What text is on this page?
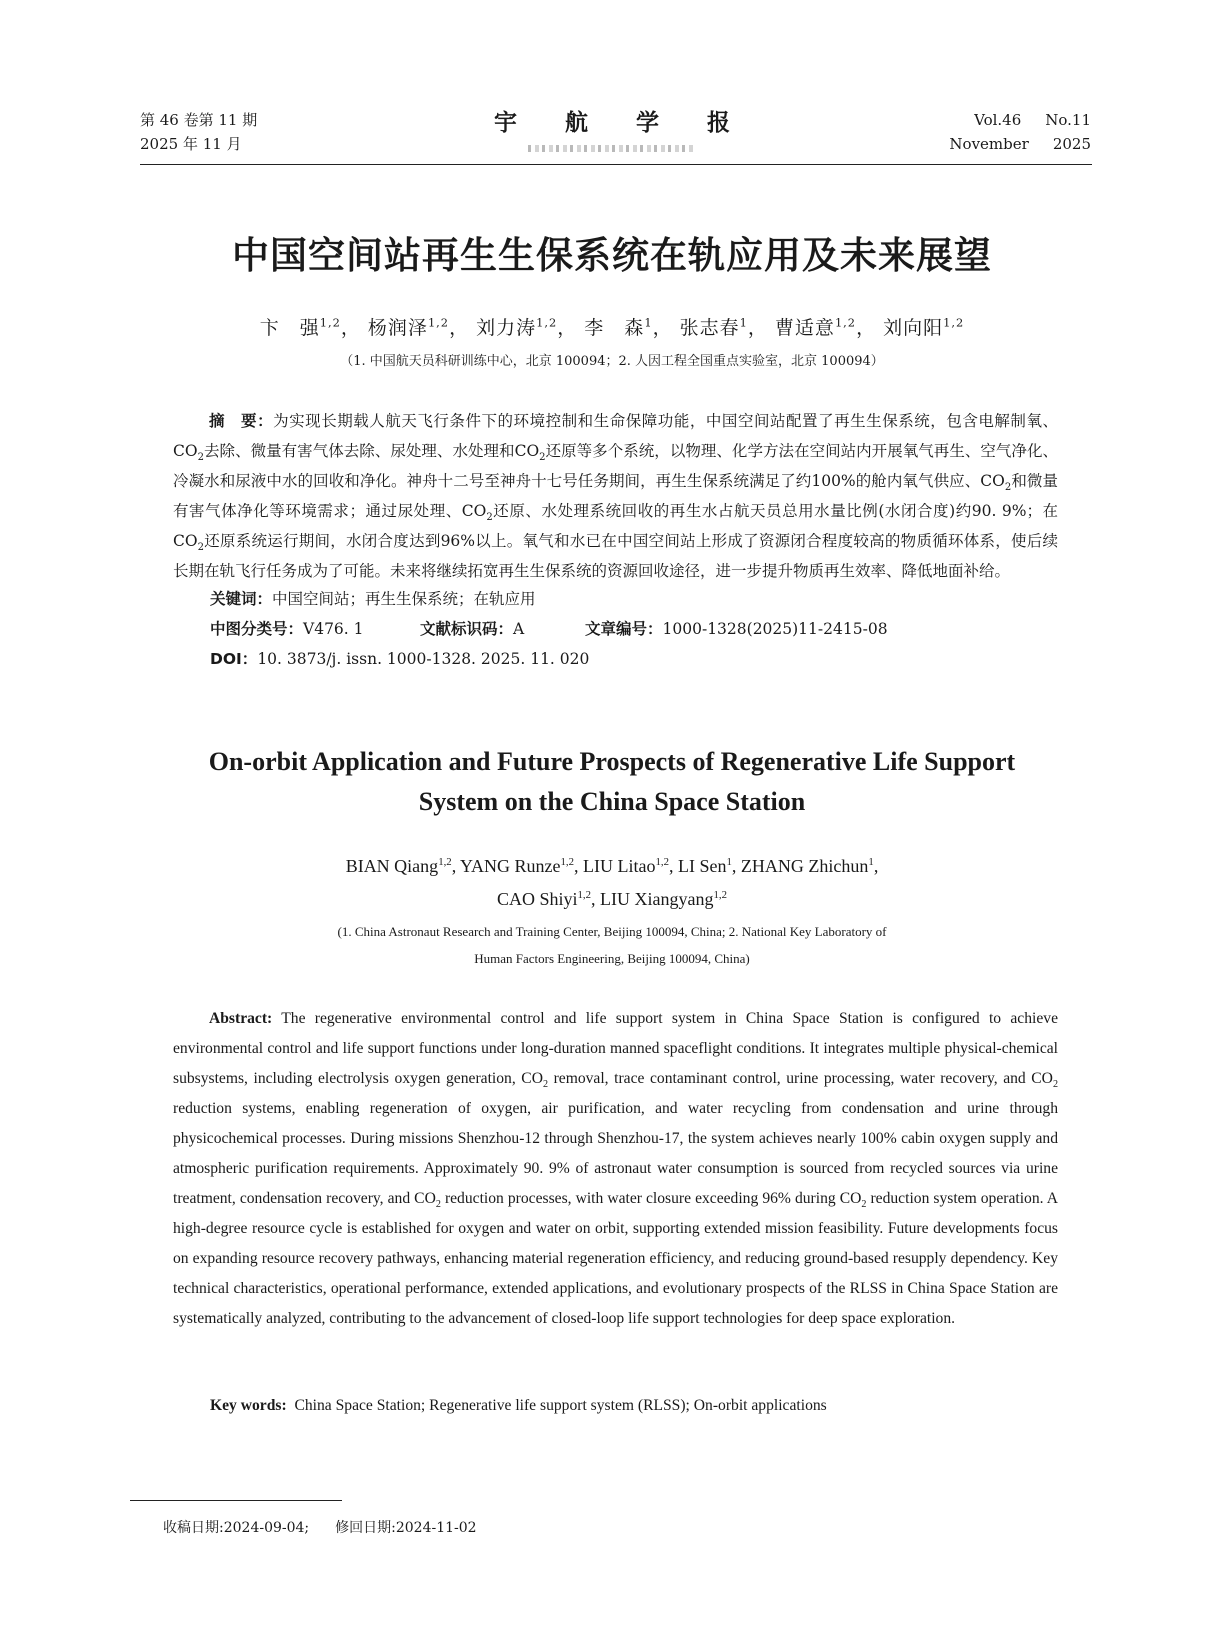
第 46 卷第 11 期
2025 年 11 月
宇 航 学 报	Vol.46 No.11
November 2025
中国空间站再生生保系统在轨应用及未来展望
卞　强$^{1,2}$， 杨润泽$^{1,2}$， 刘力涛$^{1,2}$， 李　森$^1$， 张志春$^1$， 曹适意$^{1,2}$， 刘向阳$^{1,2}$
（1. 中国航天员科研训练中心，北京 100094；2. 人因工程全国重点实验室，北京 100094）
摘　要：为实现长期载人航天飞行条件下的环境控制和生命保障功能，中国空间站配置了再生生保系统，包含电解制氧、$CO_2$去除、微量有害气体去除、尿处理、水处理和$CO_2$还原等多个系统，以物理、化学方法在空间站内开展氧气再生、空气净化、冷凝水和尿液中水的回收和净化。神舟十二号至神舟十七号任务期间，再生生保系统满足了约100%的舱内氧气供应、$CO_2$和微量有害气体净化等环境需求；通过尿处理、$CO_2$还原、水处理系统回收的再生水占航天员总用水量比例(水闭合度)约90. 9%；在$CO_2$还原系统运行期间，水闭合度达到96%以上。氧气和水已在中国空间站上形成了资源闭合程度较高的物质循环体系，使后续长期在轨飞行任务成为了可能。未来将继续拓宽再生生保系统的资源回收途径，进一步提升物质再生效率、降低地面补给。
关键词：中国空间站；再生生保系统；在轨应用
中图分类号：V476. 1	文献标识码：A	文章编号：1000-1328(2025)11-2415-08
DOI：10. 3873/j. issn. 1000-1328. 2025. 11. 020
On-orbit Application and Future Prospects of Regenerative Life Support
System on the China Space Station
BIAN Qiang$^{1,2}$, YANG Runze$^{1,2}$, LIU Litao$^{1,2}$, LI Sen$^1$, ZHANG Zhichun$^1$,
CAO Shiyi$^{1,2}$, LIU Xiangyang$^{1,2}$
(1. China Astronaut Research and Training Center, Beijing 100094, China; 2. National Key Laboratory of
Human Factors Engineering, Beijing 100094, China)
Abstract: The regenerative environmental control and life support system in China Space Station is configured to achieve environmental control and life support functions under long-duration manned spaceflight conditions. It integrates multiple physical-chemical subsystems, including electrolysis oxygen generation, $CO_2$ removal, trace contaminant control, urine processing, water recovery, and $CO_2$ reduction systems, enabling regeneration of oxygen, air purification, and water recycling from condensation and urine through physicochemical processes. During missions Shenzhou-12 through Shenzhou-17, the system achieves nearly 100% cabin oxygen supply and atmospheric purification requirements. Approximately 90. 9% of astronaut water consumption is sourced from recycled sources via urine treatment, condensation recovery, and $CO_2$ reduction processes, with water closure exceeding 96% during $CO_2$ reduction system operation. A high-degree resource cycle is established for oxygen and water on orbit, supporting extended mission feasibility. Future developments focus on expanding resource recovery pathways, enhancing material regeneration efficiency, and reducing ground-based resupply dependency. Key technical characteristics, operational performance, extended applications, and evolutionary prospects of the RLSS in China Space Station are systematically analyzed, contributing to the advancement of closed-loop life support technologies for deep space exploration.
Key words: China Space Station; Regenerative life support system (RLSS); On-orbit applications
收稿日期:2024-09-04; 修回日期:2024-11-02
